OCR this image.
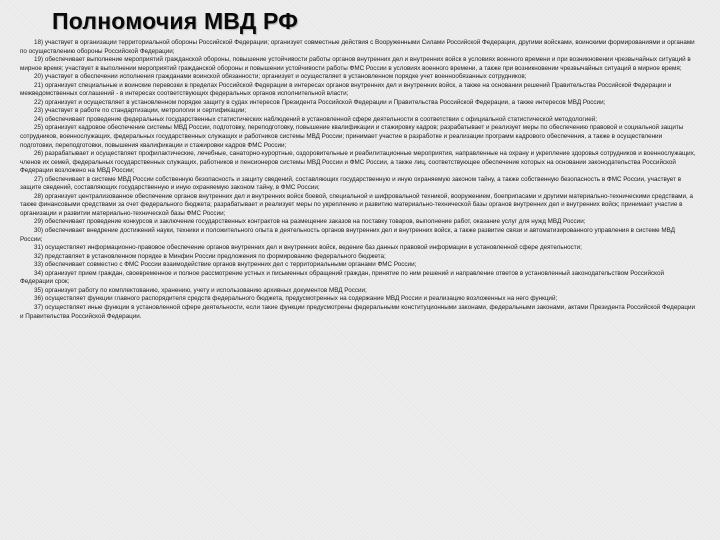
Полномочия МВД РФ

18) участвует в организации территориальной обороны Российской Федерации; организует совместные действия с Вооруженными Силами Российской Федерации, другими войсками, воинскими формированиями и органами по осуществлению обороны Российской Федерации;

19) обеспечивает выполнение мероприятий гражданской обороны, повышение устойчивости работы органов внутренних дел и внутренних войск в условиях военного времени и при возникновении чрезвычайных ситуаций в мирное время; участвует в выполнении мероприятий гражданской обороны и повышении устойчивости работы ФМС России в условиях военного времени, а также при возникновении чрезвычайных ситуаций в мирное время;

20) участвует в обеспечении исполнения гражданами воинской обязанности; организует и осуществляет в установленном порядке учет военнообязанных сотрудников;

21) организует специальные и воинские перевозки в пределах Российской Федерации в интересах органов внутренних дел и внутренних войск, а также на основании решений Правительства Российской Федерации и межведомственных соглашений - в интересах соответствующих федеральных органов исполнительной власти;

22) организует и осуществляет в установленном порядке защиту в судах интересов Президента Российской Федерации и Правительства Российской Федерации, а также интересов МВД России;

23) участвует в работе по стандартизации, метрологии и сертификации;

24) обеспечивает проведение федеральных государственных статистических наблюдений в установленной сфере деятельности в соответствии с официальной статистической методологией;

25) организует кадровое обеспечение системы МВД России, подготовку, переподготовку, повышение квалификации и стажировку кадров; разрабатывает и реализует меры по обеспечению правовой и социальной защиты сотрудников, военнослужащих, федеральных государственных служащих и работников системы МВД России; принимает участие в разработке и реализации программ кадрового обеспечения, а также в осуществлении подготовки, переподготовки, повышения квалификации и стажировки кадров ФМС России;

26) разрабатывает и осуществляет профилактические, лечебные, санаторно-курортные, оздоровительные и реабилитационные мероприятия, направленные на охрану и укрепление здоровья сотрудников и военнослужащих, членов их семей, федеральных государственных служащих, работников и пенсионеров системы МВД России и ФМС России, а также лиц, соответствующее обеспечение которых на основании законодательства Российской Федерации возложено на МВД России;

27) обеспечивает в системе МВД России собственную безопасность и защиту сведений, составляющих государственную и иную охраняемую законом тайну, а также собственную безопасность в ФМС России, участвует в защите сведений, составляющих государственную и иную охраняемую законом тайну, в ФМС России;

28) организует централизованное обеспечение органов внутренних дел и внутренних войск боевой, специальной и шифровальной техникой, вооружением, боеприпасами и другими материально-техническими средствами, а также финансовыми средствами за счет федерального бюджета; разрабатывает и реализует меры по укреплению и развитию материально-технической базы органов внутренних дел и внутренних войск; принимает участие в организации и развитии материально-технической базы ФМС России;

29) обеспечивает проведение конкурсов и заключение государственных контрактов на размещение заказов на поставку товаров, выполнение работ, оказание услуг для нужд МВД России;

30) обеспечивает внедрение достижений науки, техники и положительного опыта в деятельность органов внутренних дел и внутренних войск, а также развитие связи и автоматизированного управления в системе МВД России;

31) осуществляет информационно-правовое обеспечение органов внутренних дел и внутренних войск, ведение баз данных правовой информации в установленной сфере деятельности;

32) представляет в установленном порядке в Минфин России предложения по формированию федерального бюджета;

33) обеспечивает совместно с ФМС России взаимодействие органов внутренних дел с территориальными органами ФМС России;

34) организует прием граждан, своевременное и полное рассмотрение устных и письменных обращений граждан, принятие по ним решений и направление ответов в установленный законодательством Российской Федерации срок;

35) организует работу по комплектованию, хранению, учету и использованию архивных документов МВД России;

36) осуществляет функции главного распорядителя средств федерального бюджета, предусмотренных на содержание МВД России и реализацию возложенных на него функций;

37) осуществляет иные функции в установленной сфере деятельности, если такие функции предусмотрены федеральными конституционными законами, федеральными законами, актами Президента Российской Федерации и Правительства Российской Федерации.
